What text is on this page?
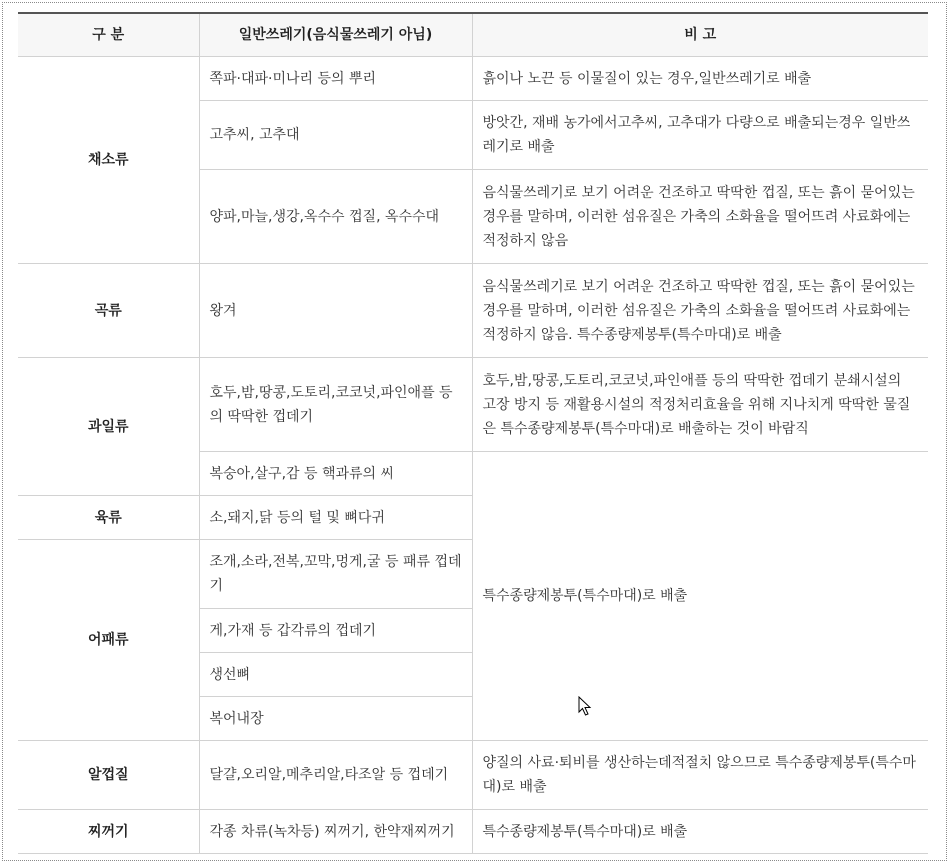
구 분	일반쓰레기(음식물쓰레기 아님)	비 고
채소류	쪽파·대파·미나리 등의 뿌리	흙이나 노끈 등 이물질이 있는 경우,일반쓰레기로 배출
	고추씨, 고추대	방앗간, 재배 농가에서고추씨, 고추대가 다량으로 배출되는경우 일반쓰레기로 배출
	양파,마늘,생강,옥수수 껍질, 옥수수대	음식물쓰레기로 보기 어려운 건조하고 딱딱한 껍질, 또는 흙이 묻어있는 경우를 말하며, 이러한 섬유질은 가축의 소화율을 떨어뜨려 사료화에는 적정하지 않음
곡류	왕겨	음식물쓰레기로 보기 어려운 건조하고 딱딱한 껍질, 또는 흙이 묻어있는 경우를 말하며, 이러한 섬유질은 가축의 소화율을 떨어뜨려 사료화에는 적정하지 않음. 특수종량제봉투(특수마대)로 배출
과일류	호두,밤,땅콩,도토리,코코넛,파인애플 등의 딱딱한 껍데기	호두,밤,땅콩,도토리,코코넛,파인애플 등의 딱딱한 껍데기 분쇄시설의 고장 방지 등 재활용시설의 적정처리효율을 위해 지나치게 딱딱한 물질은 특수종량제봉투(특수마대)로 배출하는 것이 바람직
	복숭아,살구,감 등 핵과류의 씨	특수종량제봉투(특수마대)로 배출
육류	소,돼지,닭 등의 털 및 뼈다귀	
어패류	조개,소라,전복,꼬막,멍게,굴 등 패류 껍데기	
	게,가재 등 갑각류의 껍데기	
	생선뼈	
	복어내장	
알껍질	달걀,오리알,메추리알,타조알 등 껍데기	양질의 사료·퇴비를 생산하는데적절치 않으므로 특수종량제봉투(특수마대)로 배출
찌꺼기	각종 차류(녹차등) 찌꺼기, 한약재찌꺼기	특수종량제봉투(특수마대)로 배출
